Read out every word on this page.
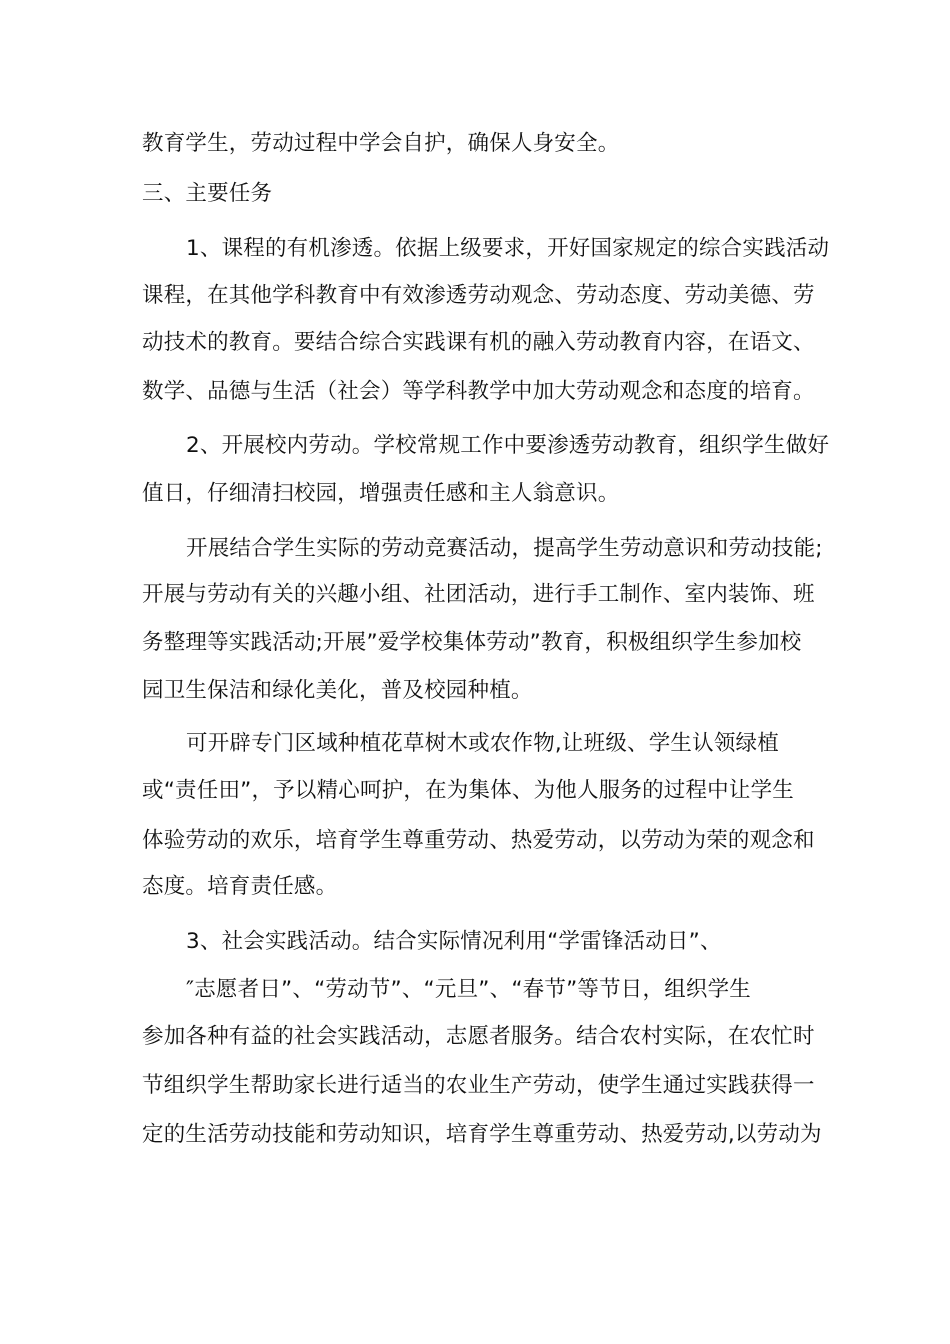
教育学生，劳动过程中学会自护，确保人身安全。
三、主要任务
1、课程的有机渗透。依据上级要求，开好国家规定的综合实践活动
课程，在其他学科教育中有效渗透劳动观念、劳动态度、劳动美德、劳
动技术的教育。要结合综合实践课有机的融入劳动教育内容，在语文、
数学、品德与生活（社会）等学科教学中加大劳动观念和态度的培育。
2、开展校内劳动。学校常规工作中要渗透劳动教育，组织学生做好
值日，仔细清扫校园，增强责任感和主人翁意识。
开展结合学生实际的劳动竞赛活动，提高学生劳动意识和劳动技能;
开展与劳动有关的兴趣小组、社团活动，进行手工制作、室内装饰、班
务整理等实践活动;开展”爱学校集体劳动”教育，积极组织学生参加校
园卫生保洁和绿化美化，普及校园种植。
可开辟专门区域种植花草树木或农作物,让班级、学生认领绿植
或“责任田”，予以精心呵护，在为集体、为他人服务的过程中让学生
体验劳动的欢乐，培育学生尊重劳动、热爱劳动，以劳动为荣的观念和
态度。培育责任感。
3、社会实践活动。结合实际情况利用“学雷锋活动日”、
″志愿者日”、“劳动节”、“元旦”、“春节”等节日，组织学生
参加各种有益的社会实践活动，志愿者服务。结合农村实际，在农忙时
节组织学生帮助家长进行适当的农业生产劳动，使学生通过实践获得一
定的生活劳动技能和劳动知识，培育学生尊重劳动、热爱劳动,以劳动为
